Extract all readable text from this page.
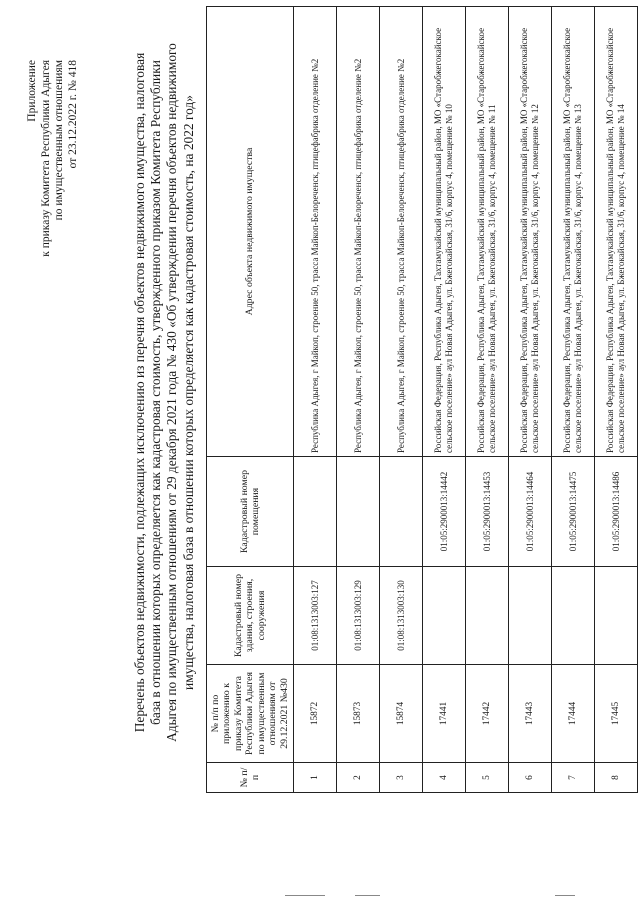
Приложение к приказу Комитета Республики Адыгея по имущественным отношениям от 23.12.2022 г. № 418	Перечень объектов недвижимости, подлежащих исключению из перечня объектов недвижимого имущества, налоговая база в отношении которых определяется как кадастровая стоимость, утвержденного приказом Комитета Республики Адыгея по имущественным отношениям от 29 декабря 2021 года № 430 «Об утверждении перечня объектов недвижимого имущества, налоговая база в отношении которых определяется как кадастровая стоимость, на 2022 год»
№ п/п	№ п/п по приложению к приказу Комитета Республики Адыгея по имущественным отношениям от 29.12.2021 №430	Кадастровый номер здания, строения, сооружения	Кадастровый номер помещения	Адрес объекта недвижимого имущества
1	15872	01:08:1313003:127		Республика Адыгея, г Майкоп, строение 50, трасса Майкоп-Белореченск, птицефабрика отделение №2
2	15873	01:08:1313003:129		Республика Адыгея, г Майкоп, строение 50, трасса Майкоп-Белореченск, птицефабрика отделение №2
3	15874	01:08:1313003:130		Республика Адыгея, г Майкоп, строение 50, трасса Майкоп-Белореченск, птицефабрика отделение №2
4	17441		01:05:2900013:14442	Российская Федерация, Республика Адыгея, Тахтамукайский муниципальный район, МО «Старобжегокайское сельское поселение» аул Новая Адыгея, ул. Бжегокайская, 31/6, корпус 4, помещение № 10
5	17442		01:05:2900013:14453	Российская Федерация, Республика Адыгея, Тахтамукайский муниципальный район, МО «Старобжегокайское сельское поселение» аул Новая Адыгея, ул. Бжегокайская, 31/6, корпус 4, помещение № 11
6	17443		01:05:2900013:14464	Российская Федерация, Республика Адыгея, Тахтамукайский муниципальный район, МО «Старобжегокайское сельское поселение» аул Новая Адыгея, ул. Бжегокайская, 31/6, корпус 4, помещение № 12
7	17444		01:05:2900013:14475	Российская Федерация, Республика Адыгея, Тахтамукайский муниципальный район, МО «Старобжегокайское сельское поселение» аул Новая Адыгея, ул. Бжегокайская, 31/6, корпус 4, помещение № 13
8	17445		01:05:2900013:14486	Российская Федерация, Республика Адыгея, Тахтамукайский муниципальный район, МО «Старобжегокайское сельское поселение» аул Новая Адыгея, ул. Бжегокайская, 31/6, корпус 4, помещение № 14
